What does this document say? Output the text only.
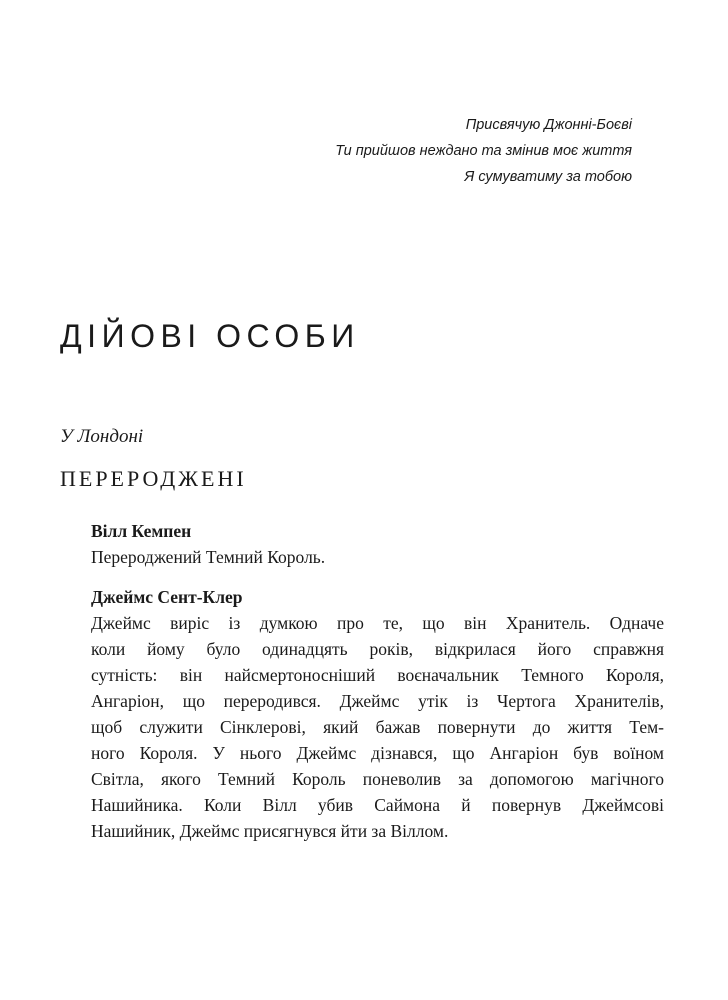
Присвячую Джонні-Боєві
Ти прийшов нежданo та змінив моє життя
Я сумуватиму за тобою
ДІЙОВІ ОСОБИ
У Лондоні
ПЕРЕРОДЖЕНІ
Вілл Кемпен
Перероджений Темний Король.
Джеймс Сент-Клер
Джеймс виріс із думкою про те, що він Хранитель. Одначе
коли йому було одинадцять років, відкрилася його справжня
сутність: він найсмертоносніший воєначальник Темного Короля,
Ангаріон, що переродився. Джеймс утік із Чертога Хранителів,
щоб служити Сінклерові, який бажав повернути до життя Тем-
ного Короля. У нього Джеймс дізнався, що Ангаріон був воїном
Світла, якого Темний Король поневолив за допомогою магічного
Нашийника. Коли Вілл убив Саймона й повернув Джеймсові
Нашийник, Джеймс присягнувся йти за Віллом.
